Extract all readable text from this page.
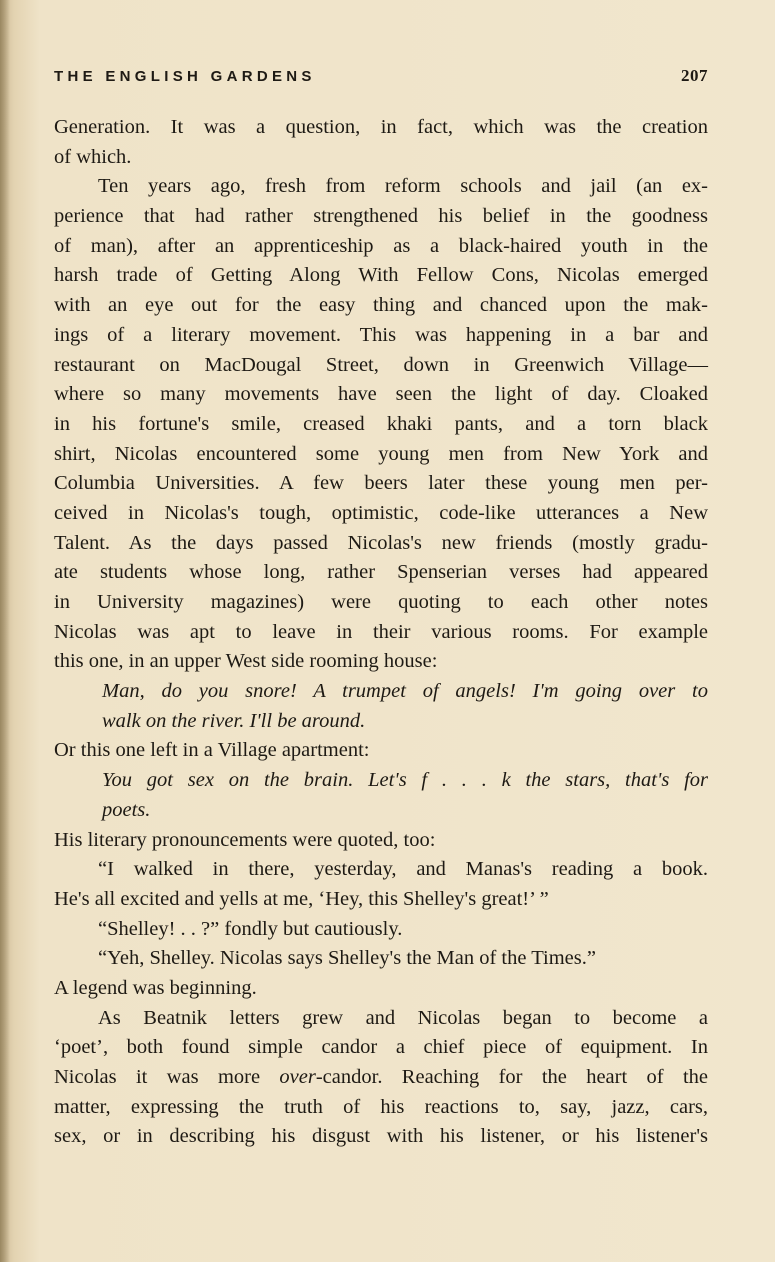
THE ENGLISH GARDENS	207
Generation. It was a question, in fact, which was the creation
of which.
Ten years ago, fresh from reform schools and jail (an ex-
perience that had rather strengthened his belief in the goodness
of man), after an apprenticeship as a black-haired youth in the
harsh trade of Getting Along With Fellow Cons, Nicolas emerged
with an eye out for the easy thing and chanced upon the mak-
ings of a literary movement. This was happening in a bar and
restaurant on MacDougal Street, down in Greenwich Village—
where so many movements have seen the light of day. Cloaked
in his fortune's smile, creased khaki pants, and a torn black
shirt, Nicolas encountered some young men from New York and
Columbia Universities. A few beers later these young men per-
ceived in Nicolas's tough, optimistic, code-like utterances a New
Talent. As the days passed Nicolas's new friends (mostly gradu-
ate students whose long, rather Spenserian verses had appeared
in University magazines) were quoting to each other notes
Nicolas was apt to leave in their various rooms. For example
this one, in an upper West side rooming house:
Man, do you snore! A trumpet of angels! I'm going over to
walk on the river. I'll be around.
Or this one left in a Village apartment:
You got sex on the brain. Let's f . . . k the stars, that's for
poets.
His literary pronouncements were quoted, too:
“I walked in there, yesterday, and Manas's reading a book.
He's all excited and yells at me, ‘Hey, this Shelley's great!’ ”
“Shelley! . . ?” fondly but cautiously.
“Yeh, Shelley. Nicolas says Shelley's the Man of the Times.”
A legend was beginning.
As Beatnik letters grew and Nicolas began to become a
‘poet’, both found simple candor a chief piece of equipment. In
Nicolas it was more over-candor. Reaching for the heart of the
matter, expressing the truth of his reactions to, say, jazz, cars,
sex, or in describing his disgust with his listener, or his listener's
